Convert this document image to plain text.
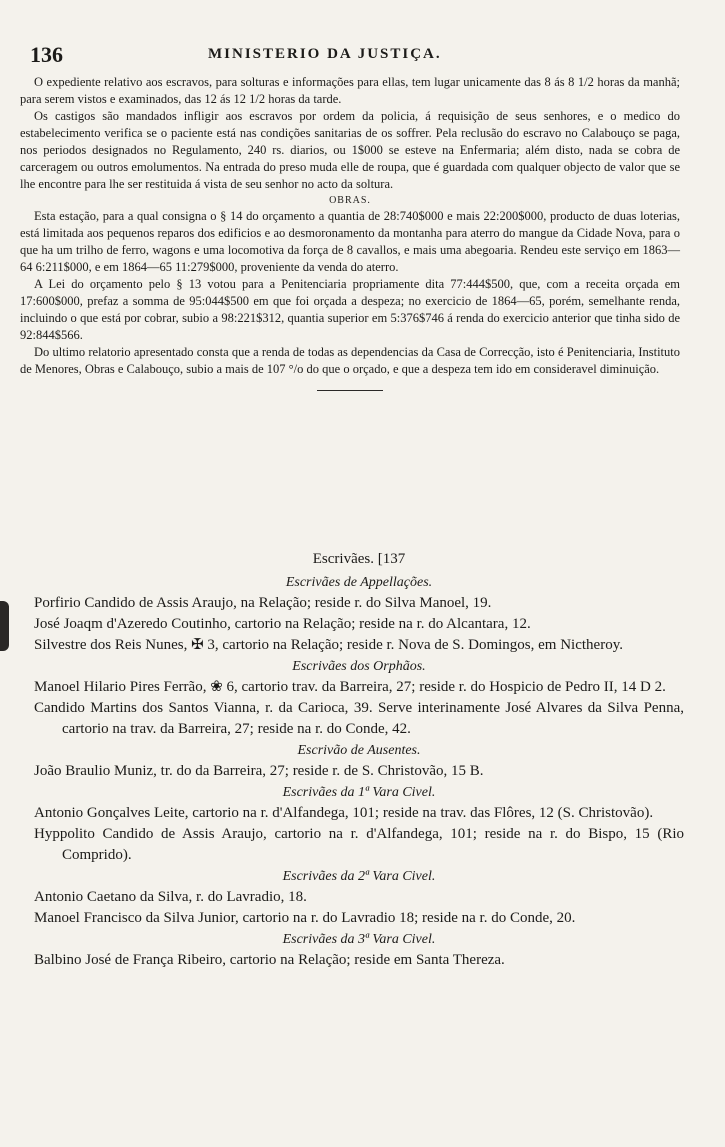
136	MINISTERIO DA JUSTIÇA.

O expediente relativo aos escravos, para solturas e informações para ellas, tem lugar unicamente das 8 ás 8 1/2 horas da manhã; para serem vistos e examinados, das 12 ás 12 1/2 horas da tarde.

Os castigos são mandados infligir aos escravos por ordem da policia, á requisição de seus senhores, e o medico do estabelecimento verifica se o paciente está nas condições sanitarias de os soffrer. Pela reclusão do escravo no Calabouço se paga, nos periodos designados no Regulamento, 240 rs. diarios, ou 1$000 se esteve na Enfermaria; além disto, nada se cobra de carceragem ou outros emolumentos. Na entrada do preso muda elle de roupa, que é guardada com qualquer objecto de valor que se lhe encontre para lhe ser restituida á vista de seu senhor no acto da soltura.

OBRAS.

Esta estação, para a qual consigna o § 14 do orçamento a quantia de 28:740$000 e mais 22:200$000, producto de duas loterias, está limitada aos pequenos reparos dos edificios e ao desmoronamento da montanha para aterro do mangue da Cidade Nova, para o que ha um trilho de ferro, wagons e uma locomotiva da força de 8 cavallos, e mais uma abegoaria. Rendeu este serviço em 1863—64 6:211$000, e em 1864—65 11:279$000, proveniente da venda do aterro.

A Lei do orçamento pelo § 13 votou para a Penitenciaria propriamente dita 77:444$500, que, com a receita orçada em 17:600$000, prefaz a somma de 95:044$500 em que foi orçada a despeza; no exercicio de 1864—65, porém, semelhante renda, incluindo o que está por cobrar, subio a 98:221$312, quantia superior em 5:376$746 á renda do exercicio anterior que tinha sido de 92:844$566.

Do ultimo relatorio apresentado consta que a renda de todas as dependencias da Casa de Correcção, isto é Penitenciaria, Instituto de Menores, Obras e Calabouço, subio a mais de 107 °/o do que o orçado, e que a despeza tem ido em consideravel diminuição.

Escrivães. [137

Escrivães de Appellações.

Porfirio Candido de Assis Araujo, na Relação; reside r. do Silva Manoel, 19.

José Joaqm d'Azeredo Coutinho, cartorio na Relação; reside na r. do Alcantara, 12.

Silvestre dos Reis Nunes, ✠ 3, cartorio na Relação; reside r. Nova de S. Domingos, em Nictheroy.

Escrivães dos Orphãos.

Manoel Hilario Pires Ferrão, ❀ 6, cartorio trav. da Barreira, 27; reside r. do Hospicio de Pedro II, 14 D 2.

Candido Martins dos Santos Vianna, r. da Carioca, 39. Serve interinamente José Alvares da Silva Penna, cartorio na trav. da Barreira, 27; reside na r. do Conde, 42.

Escrivão de Ausentes.

João Braulio Muniz, tr. do da Barreira, 27; reside r. de S. Christovão, 15 B.

Escrivães da 1ª Vara Civel.

Antonio Gonçalves Leite, cartorio na r. d'Alfandega, 101; reside na trav. das Flôres, 12 (S. Christovão).

Hyppolito Candido de Assis Araujo, cartorio na r. d'Alfandega, 101; reside na r. do Bispo, 15 (Rio Comprido).

Escrivães da 2ª Vara Civel.

Antonio Caetano da Silva, r. do Lavradio, 18.

Manoel Francisco da Silva Junior, cartorio na r. do Lavradio 18; reside na r. do Conde, 20.

Escrivães da 3ª Vara Civel.

Balbino José de França Ribeiro, cartorio na Relação; reside em Santa Thereza.
